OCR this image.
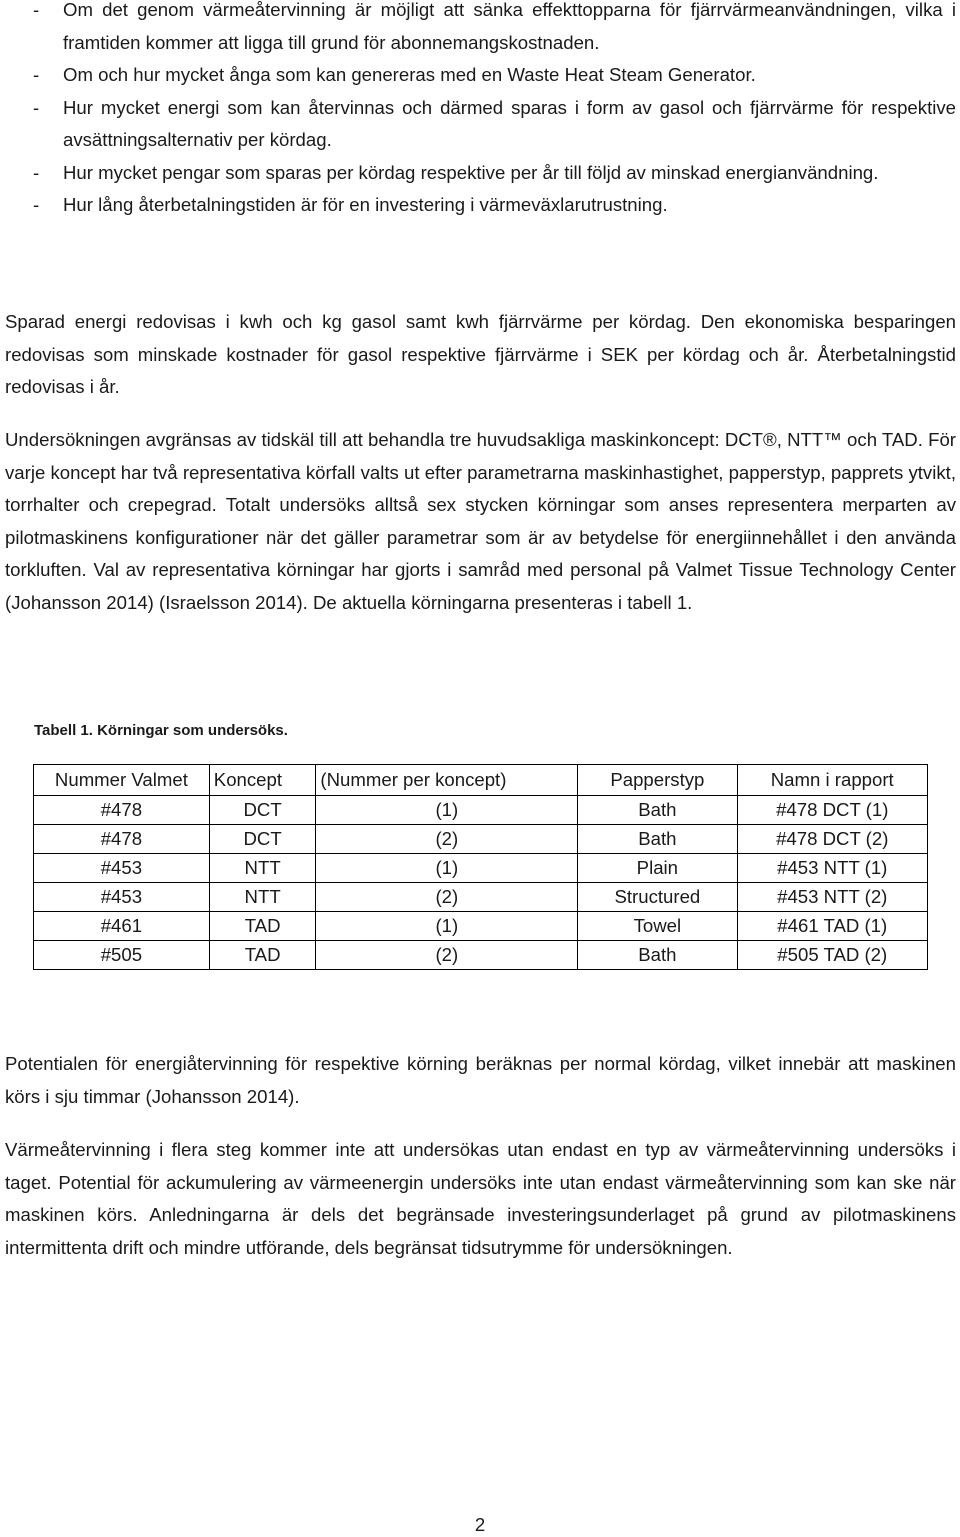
- Om det genom värmeåtervinning är möjligt att sänka effekttopparna för fjärrvärmeanvändningen, vilka i framtiden kommer att ligga till grund för abonnemangskostnaden.
- Om och hur mycket ånga som kan genereras med en Waste Heat Steam Generator.
- Hur mycket energi som kan återvinnas och därmed sparas i form av gasol och fjärrvärme för respektive avsättningsalternativ per kördag.
- Hur mycket pengar som sparas per kördag respektive per år till följd av minskad energianvändning.
- Hur lång återbetalningstiden är för en investering i värmeväxlarutrustning.

Sparad energi redovisas i kwh och kg gasol samt kwh fjärrvärme per kördag. Den ekonomiska besparingen redovisas som minskade kostnader för gasol respektive fjärrvärme i SEK per kördag och år. Återbetalningstid redovisas i år.

Undersökningen avgränsas av tidskäl till att behandla tre huvudsakliga maskinkoncept: DCT®, NTT™ och TAD. För varje koncept har två representativa körfall valts ut efter parametrarna maskinhastighet, papperstyp, papprets ytvikt, torrhalter och crepegrad. Totalt undersöks alltså sex stycken körningar som anses representera merparten av pilotmaskinens konfigurationer när det gäller parametrar som är av betydelse för energiinnehållet i den använda torkluften. Val av representativa körningar har gjorts i samråd med personal på Valmet Tissue Technology Center (Johansson 2014) (Israelsson 2014). De aktuella körningarna presenteras i tabell 1.

Tabell 1. Körningar som undersöks.

Nummer Valmet	Koncept	(Nummer per koncept)	Papperstyp	Namn i rapport
#478	DCT	(1)	Bath	#478 DCT (1)
#478	DCT	(2)	Bath	#478 DCT (2)
#453	NTT	(1)	Plain	#453 NTT (1)
#453	NTT	(2)	Structured	#453 NTT (2)
#461	TAD	(1)	Towel	#461 TAD (1)
#505	TAD	(2)	Bath	#505 TAD (2)

Potentialen för energiåtervinning för respektive körning beräknas per normal kördag, vilket innebär att maskinen körs i sju timmar (Johansson 2014).

Värmeåtervinning i flera steg kommer inte att undersökas utan endast en typ av värmeåtervinning undersöks i taget. Potential för ackumulering av värmeenergin undersöks inte utan endast värmeåtervinning som kan ske när maskinen körs. Anledningarna är dels det begränsade investeringsunderlaget på grund av pilotmaskinens intermittenta drift och mindre utförande, dels begränsat tidsutrymme för undersökningen.

2
